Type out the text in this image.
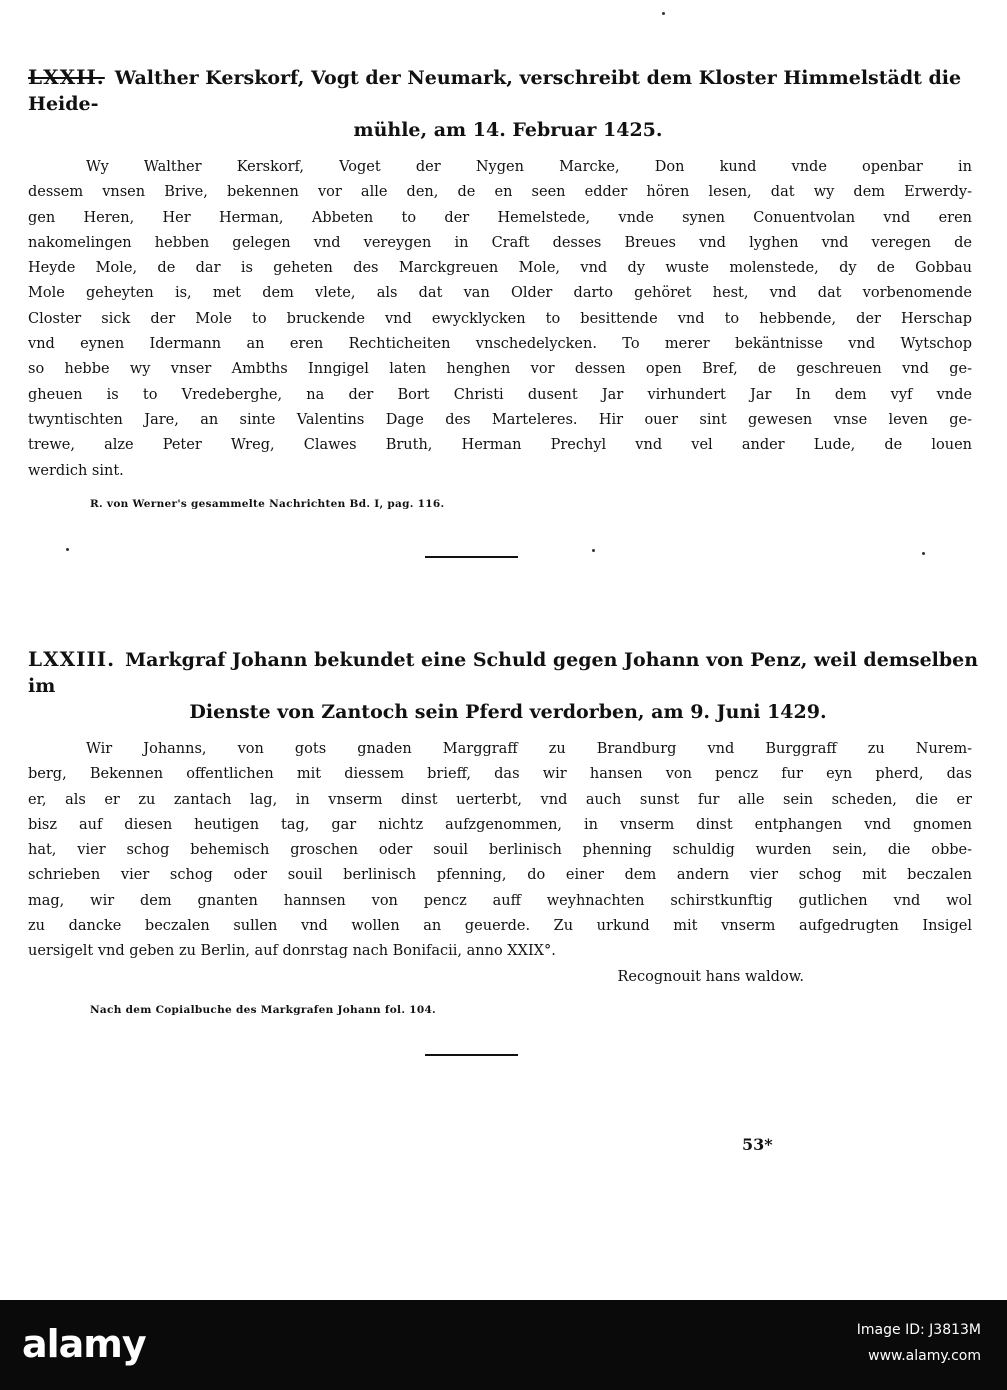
LXXII. Walther Kerskorf, Vogt der Neumark, verschreibt dem Kloster Himmelstädt die Heide-

mühle, am 14. Februar 1425.

Wy Walther Kerskorf, Voget der Nygen Marcke, Don kund vnde openbar in
dessem vnsen Brive, bekennen vor alle den, de en seen edder hören lesen, dat wy dem Erwerdy-
gen Heren, Her Herman, Abbeten to der Hemelstede, vnde synen Conuentvolan vnd eren
nakomelingen hebben gelegen vnd vereygen in Craft desses Breues vnd lyghen vnd veregen de
Heyde Mole, de dar is geheten des Marckgreuen Mole, vnd dy wuste molenstede, dy de Gobbau
Mole geheyten is, met dem vlete, als dat van Older darto gehöret hest, vnd dat vorbenomende
Closter sick der Mole to bruckende vnd ewycklycken to besittende vnd to hebbende, der Herschap
vnd eynen Idermann an eren Rechticheiten vnschedelycken. To merer bekäntnisse vnd Wytschop
so hebbe wy vnser Ambths Inngigel laten henghen vor dessen open Bref, de geschreuen vnd ge-
gheuen is to Vredeberghe, na der Bort Christi dusent Jar virhundert Jar In dem vyf vnde
twyntischten Jare, an sinte Valentins Dage des Marteleres. Hir ouer sint gewesen vnse leven ge-
trewe, alze Peter Wreg, Clawes Bruth, Herman Prechyl vnd vel ander Lude, de louen
werdich sint.

R. von Werner's gesammelte Nachrichten Bd. I, pag. 116.

LXXIII. Markgraf Johann bekundet eine Schuld gegen Johann von Penz, weil demselben im

Dienste von Zantoch sein Pferd verdorben, am 9. Juni 1429.

Wir Johanns, von gots gnaden Marggraff zu Brandburg vnd Burggraff zu Nurem-
berg, Bekennen offentlichen mit diessem brieff, das wir hansen von pencz fur eyn pherd, das
er, als er zu zantach lag, in vnserm dinst uerterbt, vnd auch sunst fur alle sein scheden, die er
bisz auf diesen heutigen tag, gar nichtz aufzgenommen, in vnserm dinst entphangen vnd gnomen
hat, vier schog behemisch groschen oder souil berlinisch phenning schuldig wurden sein, die obbe-
schrieben vier schog oder souil berlinisch pfenning, do einer dem andern vier schog mit beczalen
mag, wir dem gnanten hannsen von pencz auff weyhnachten schirstkunftig gutlichen vnd wol
zu dancke beczalen sullen vnd wollen an geuerde. Zu urkund mit vnserm aufgedrugten Insigel
uersigelt vnd geben zu Berlin, auf donrstag nach Bonifacii, anno XXIX°.
Recognouit hans waldow.

Nach dem Copialbuche des Markgrafen Johann fol. 104.

53*
alamy	Image ID: J3813M
www.alamy.com
